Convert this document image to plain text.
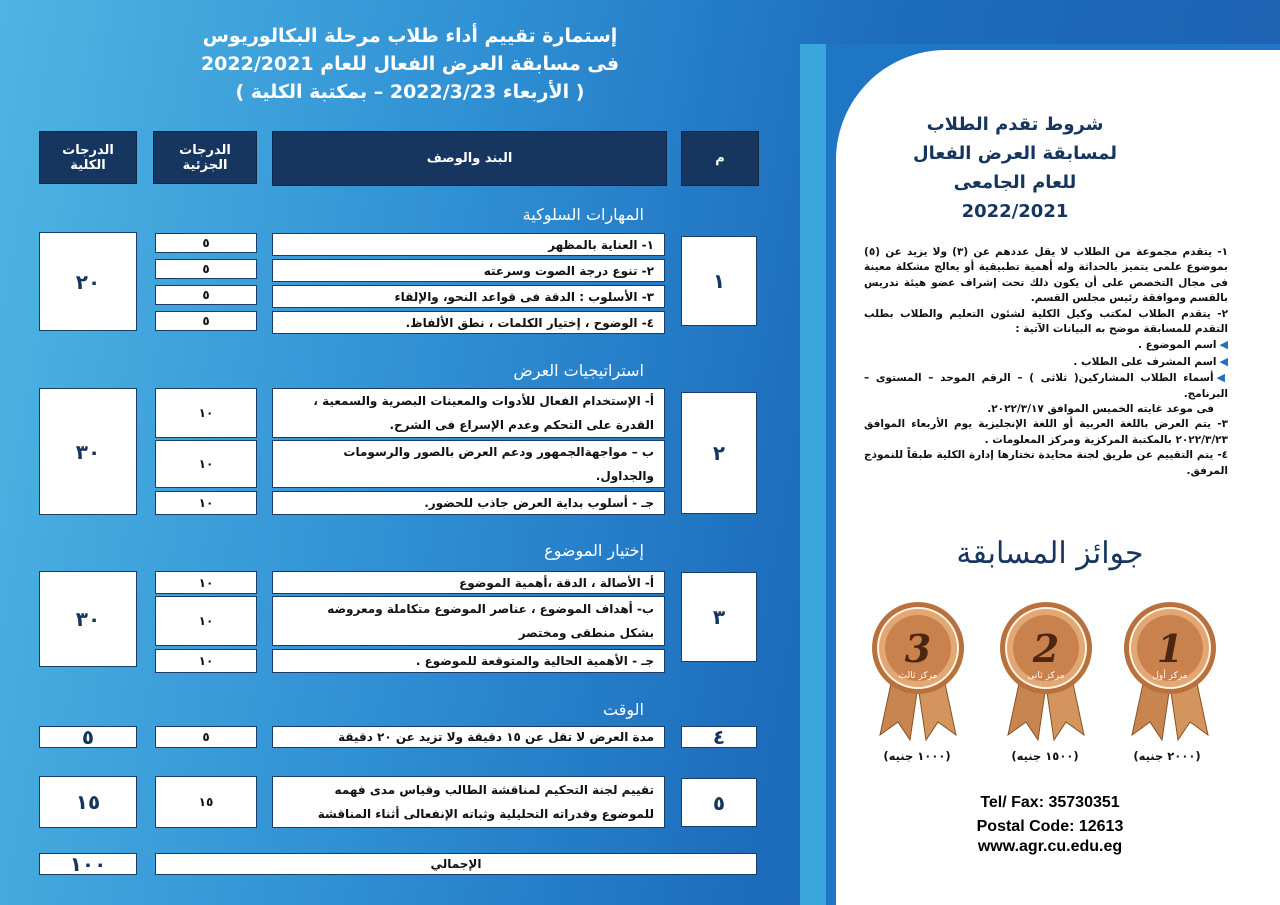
إستمارة تقييم أداء طلاب مرحلة البكالوريوس
فى مسابقة العرض الفعال للعام 2022/2021
( الأربعاء 2022/3/23 – بمكتبة الكلية )
م
البند والوصف
الدرجات الجزئية
الدرجات الكلية
المهارات السلوكية
١
٢٠
١- العناية بالمظهر
٥
٢- تنوع درجة الصوت وسرعته
٥
٣- الأسلوب : الدقة فى قواعد النحو، والإلقاء
٥
٤- الوضوح ، إختيار الكلمات ، نطق الألفاظ.
٥
استراتيجيات العرض
٢
٣٠
أ- الإستخدام الفعال للأدوات والمعينات البصرية والسمعية ،
القدرة على التحكم وعدم الإسراع فى الشرح.
١٠
ب – مواجهةالجمهور ودعم العرض بالصور والرسومات
والجداول.
١٠
جـ - أسلوب بداية العرض جاذب للحضور.
١٠
إختيار الموضوع
٣
٣٠
أ- الأصالة ، الدقة ،أهمية الموضوع
١٠
ب- أهداف الموضوع ، عناصر الموضوع متكاملة ومعروضه
بشكل منطقى ومختصر
١٠
جـ - الأهمية الحالية والمتوقعة للموضوع .
١٠
الوقت
٤
مدة العرض لا تقل عن ١٥ دقيقة ولا تزيد عن ٢٠ دقيقة
٥
٥
٥
تقييم لجنة التحكيم لمناقشة الطالب وقياس مدى فهمه
للموضوع وقدراته التحليلية وثباته الإنفعالى أثناء المناقشة
١٥
١٥
الإجمالي
١٠٠
شروط تقدم الطلاب
لمسابقة العرض الفعال
للعام الجامعى 2022/2021

١- يتقدم مجموعة من الطلاب لا يقل عددهم عن (٣) ولا يزيد عن (٥) بموضوع علمى يتميز بالحداثة وله أهمية تطبيقية أو يعالج مشكلة معينة فى مجال التخصص على أن يكون ذلك تحت إشراف عضو هيئة تدريس بالقسم وموافقة رئيس مجلس القسم.

٢- يتقدم الطلاب لمكتب وكيل الكلية لشئون التعليم والطلاب بطلب التقدم للمسابقة موضح به البيانات الآتية :

◀اسم الموضوع .

◀اسم المشرف على الطلاب .

◀أسماء الطلاب المشاركين( ثلاثى ) – الرقم الموحد – المستوى – البرنامج.

فى موعد غايته الخميس الموافق ٢٠٢٢/٣/١٧.

٣- يتم العرض باللغة العربية أو اللغة الإنجليزية يوم الأربعاء الموافق ٢٠٢٢/٣/٢٣ بالمكتبة المركزية ومركز المعلومات .

٤- يتم التقييم عن طريق لجنة محايدة تختارها إدارة الكلية طبقاً للنموذج المرفق.

جوائز المسابقة
1
مركز أول
2
مركز ثانى
3
مركز ثالث
(٢٠٠٠ جنيه)
(١٥٠٠ جنيه)
(١٠٠٠ جنيه)
Tel/ Fax: 35730351
Postal Code: 12613
www.agr.cu.edu.eg
